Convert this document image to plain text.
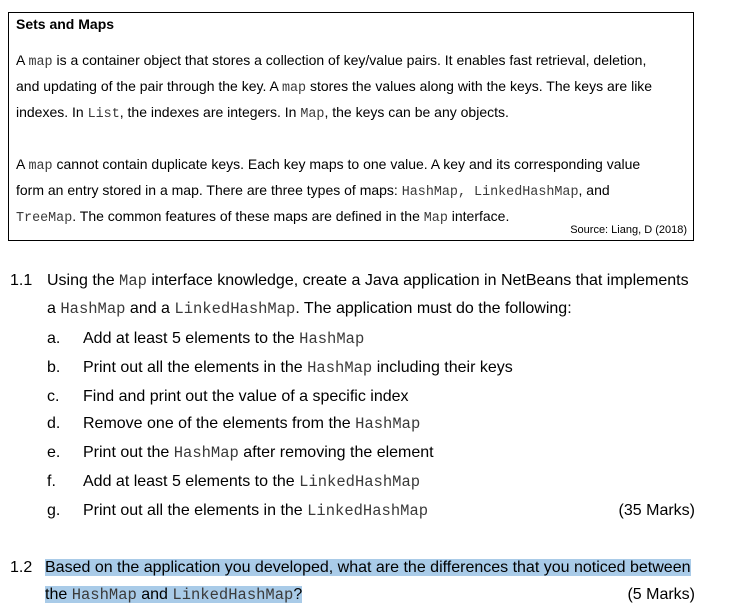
Sets and Maps
A map is a container object that stores a collection of key/value pairs. It enables fast retrieval, deletion,
and updating of the pair through the key. A map stores the values along with the keys. The keys are like
indexes. In List, the indexes are integers. In Map, the keys can be any objects.
A map cannot contain duplicate keys. Each key maps to one value. A key and its corresponding value
form an entry stored in a map. There are three types of maps: HashMap, LinkedHashMap, and
TreeMap. The common features of these maps are defined in the Map interface.
Source: Liang, D (2018)
1.1 Using the Map interface knowledge, create a Java application in NetBeans that implements
a HashMap and a LinkedHashMap. The application must do the following:
a. Add at least 5 elements to the HashMap
b. Print out all the elements in the HashMap including their keys
c. Find and print out the value of a specific index
d. Remove one of the elements from the HashMap
e. Print out the HashMap after removing the element
f. Add at least 5 elements to the LinkedHashMap
g. Print out all the elements in the LinkedHashMap	(35 Marks)
1.2 Based on the application you developed, what are the differences that you noticed between
the HashMap and LinkedHashMap?	(5 Marks)
